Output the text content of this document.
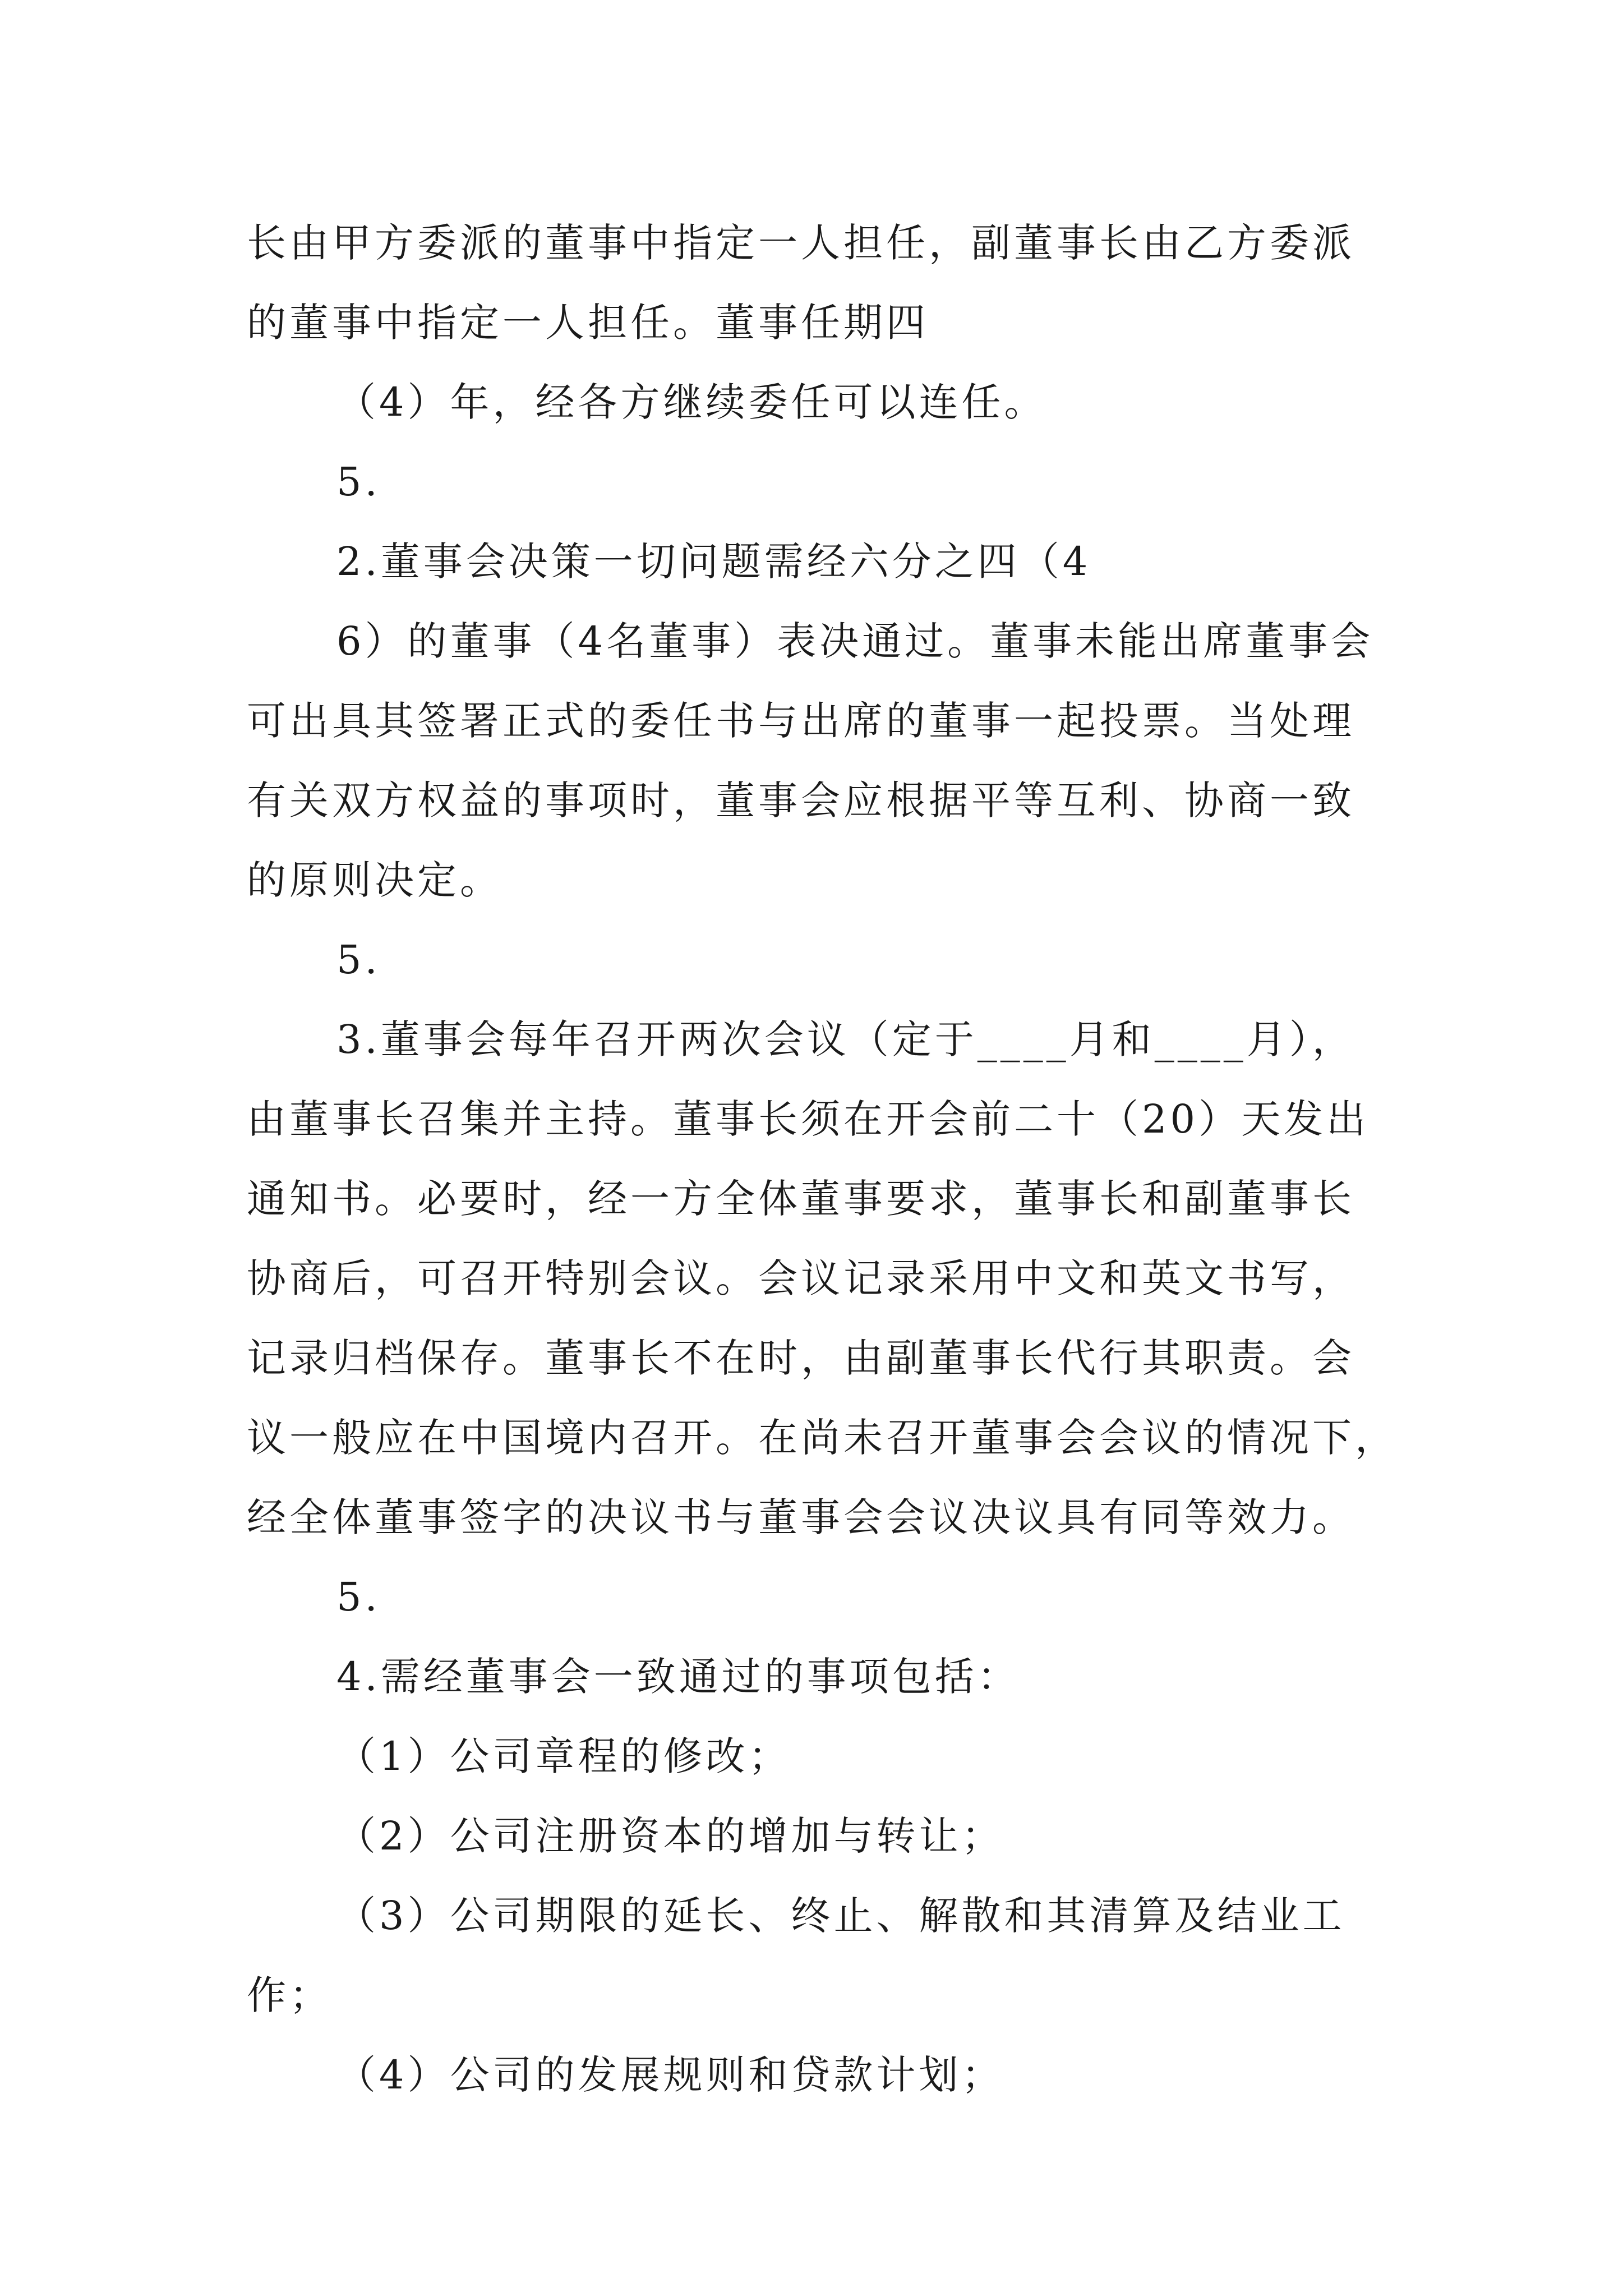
长由甲方委派的董事中指定一人担任，副董事长由乙方委派
的董事中指定一人担任。董事任期四
（4）年，经各方继续委任可以连任。
5.
2.董事会决策一切问题需经六分之四（4
6）的董事（4名董事）表决通过。董事未能出席董事会
可出具其签署正式的委任书与出席的董事一起投票。当处理
有关双方权益的事项时，董事会应根据平等互利、协商一致
的原则决定。
5.
3.董事会每年召开两次会议（定于____月和____月），
由董事长召集并主持。董事长须在开会前二十（20）天发出
通知书。必要时，经一方全体董事要求，董事长和副董事长
协商后，可召开特别会议。会议记录采用中文和英文书写，
记录归档保存。董事长不在时，由副董事长代行其职责。会
议一般应在中国境内召开。在尚未召开董事会会议的情况下，
经全体董事签字的决议书与董事会会议决议具有同等效力。
5.
4.需经董事会一致通过的事项包括：
（1）公司章程的修改；
（2）公司注册资本的增加与转让；
（3）公司期限的延长、终止、解散和其清算及结业工
作；
（4）公司的发展规则和贷款计划；
